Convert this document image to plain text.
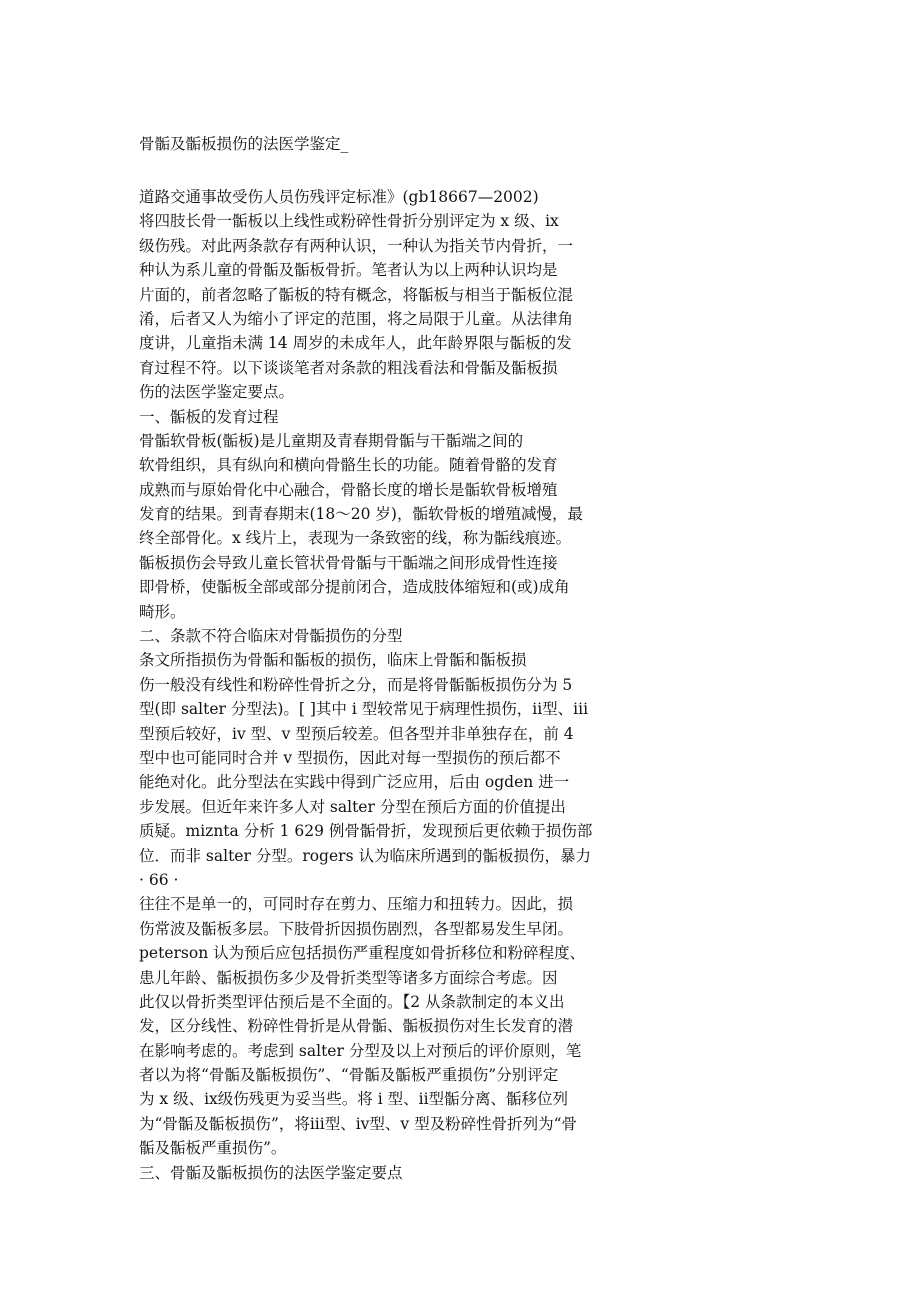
骨骺及骺板损伤的法医学鉴定_
道路交通事故受伤人员伤残评定标准》(gb18667—2002)
将四肢长骨一骺板以上线性或粉碎性骨折分别评定为 x 级、ix
级伤残。对此两条款存有两种认识，一种认为指关节内骨折，一
种认为系儿童的骨骺及骺板骨折。笔者认为以上两种认识均是
片面的，前者忽略了骺板的特有概念，将骺板与相当于骺板位混
淆，后者又人为缩小了评定的范围，将之局限于儿童。从法律角
度讲，儿童指未满 14 周岁的未成年人，此年龄界限与骺板的发
育过程不符。以下谈谈笔者对条款的粗浅看法和骨骺及骺板损
伤的法医学鉴定要点。
一、骺板的发育过程
骨骺软骨板(骺板)是儿童期及青春期骨骺与干骺端之间的
软骨组织，具有纵向和横向骨骼生长的功能。随着骨骼的发育
成熟而与原始骨化中心融合，骨骼长度的增长是骺软骨板增殖
发育的结果。到青春期末(18～20 岁)，骺软骨板的增殖减慢，最
终全部骨化。x 线片上，表现为一条致密的线，称为骺线痕迹。
骺板损伤会导致儿童长管状骨骨骺与干骺端之间形成骨性连接
即骨桥，使骺板全部或部分提前闭合，造成肢体缩短和(或)成角
畸形。
二、条款不符合临床对骨骺损伤的分型
条文所指损伤为骨骺和骺板的损伤，临床上骨骺和骺板损
伤一般没有线性和粉碎性骨折之分，而是将骨骺骺板损伤分为 5
型(即 salter 分型法)。[ ]其中 i 型较常见于病理性损伤，ii型、iii
型预后较好，iv 型、v 型预后较差。但各型并非单独存在，前 4
型中也可能同时合并 v 型损伤，因此对每一型损伤的预后都不
能绝对化。此分型法在实践中得到广泛应用，后由 ogden 进一
步发展。但近年来许多人对 salter 分型在预后方面的价值提出
质疑。miznta 分析 1 629 例骨骺骨折，发现预后更依赖于损伤部
位．而非 salter 分型。rogers 认为临床所遇到的骺板损伤，暴力
· 66 ·
往往不是单一的，可同时存在剪力、压缩力和扭转力。因此，损
伤常波及骺板多层。下肢骨折因损伤剧烈，各型都易发生早闭。
peterson 认为预后应包括损伤严重程度如骨折移位和粉碎程度、
患儿年龄、骺板损伤多少及骨折类型等诸多方面综合考虑。因
此仅以骨折类型评估预后是不全面的。【2 从条款制定的本义出
发，区分线性、粉碎性骨折是从骨骺、骺板损伤对生长发育的潜
在影响考虑的。考虑到 salter 分型及以上对预后的评价原则，笔
者以为将“骨骺及骺板损伤”、“骨骺及骺板严重损伤”分别评定
为 x 级、ix级伤残更为妥当些。将 i 型、ii型骺分离、骺移位列
为“骨骺及骺板损伤”，将iii型、iv型、v 型及粉碎性骨折列为“骨
骺及骺板严重损伤”。
三、骨骺及骺板损伤的法医学鉴定要点
